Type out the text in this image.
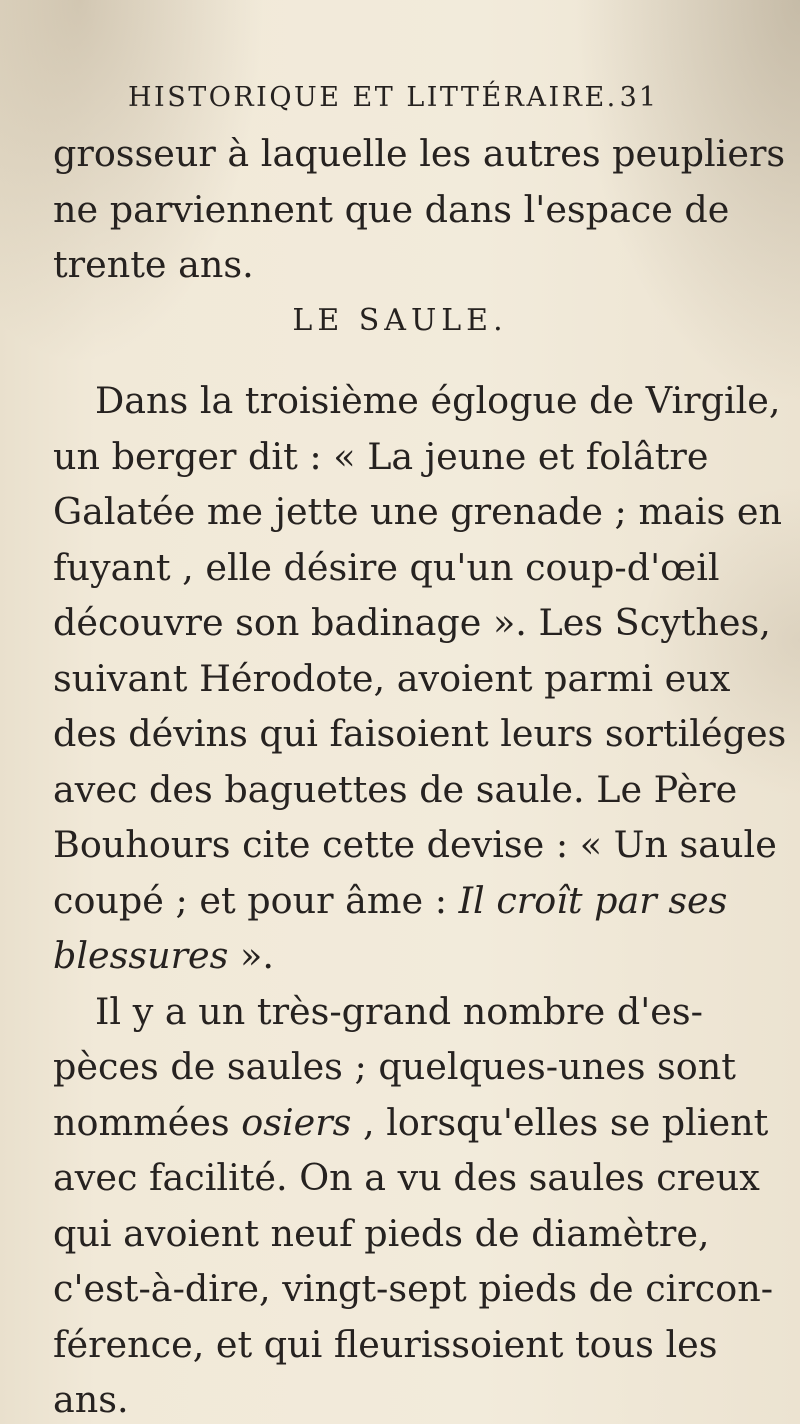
HISTORIQUE ET LITTÉRAIRE. 31
grosseur à laquelle les autres peupliers
ne parviennent que dans l'espace de
trente ans.
LE SAULE.
Dans la troisième églogue de Virgile,
un berger dit : « La jeune et folâtre
Galatée me jette une grenade ; mais en
fuyant , elle désire qu'un coup-d'œil
découvre son badinage ». Les Scythes,
suivant Hérodote, avoient parmi eux
des dévins qui faisoient leurs sortiléges
avec des baguettes de saule. Le Père
Bouhours cite cette devise : « Un saule
coupé ; et pour âme : Il croît par ses
blessures ».
Il y a un très-grand nombre d'es-
pèces de saules ; quelques-unes sont
nommées osiers , lorsqu'elles se plient
avec facilité. On a vu des saules creux
qui avoient neuf pieds de diamètre,
c'est-à-dire, vingt-sept pieds de circon-
férence, et qui fleurissoient tous les
ans.
